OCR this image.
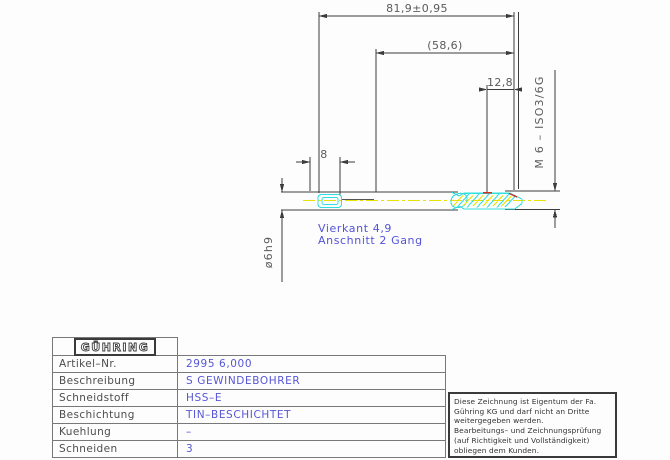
81,9±0,95
(58,6)
12,8
8
ø6h9
M 6 – ISO3/6G
Vierkant 4,9
Anschnitt 2 Gang
GÜHRING
Artikel–Nr.	2995 6,000
Beschreibung	S GEWINDEBOHRER
Schneidstoff	HSS–E
Beschichtung	TIN–BESCHICHTET
Kuehlung	–
Schneiden	3
Diese Zeichnung ist Eigentum der Fa.
Gühring KG und darf nicht an Dritte
weitergegeben werden.
Bearbeitungs– und Zeichnungsprüfung
(auf Richtigkeit und Vollständigkeit)
obliegen dem Kunden.
